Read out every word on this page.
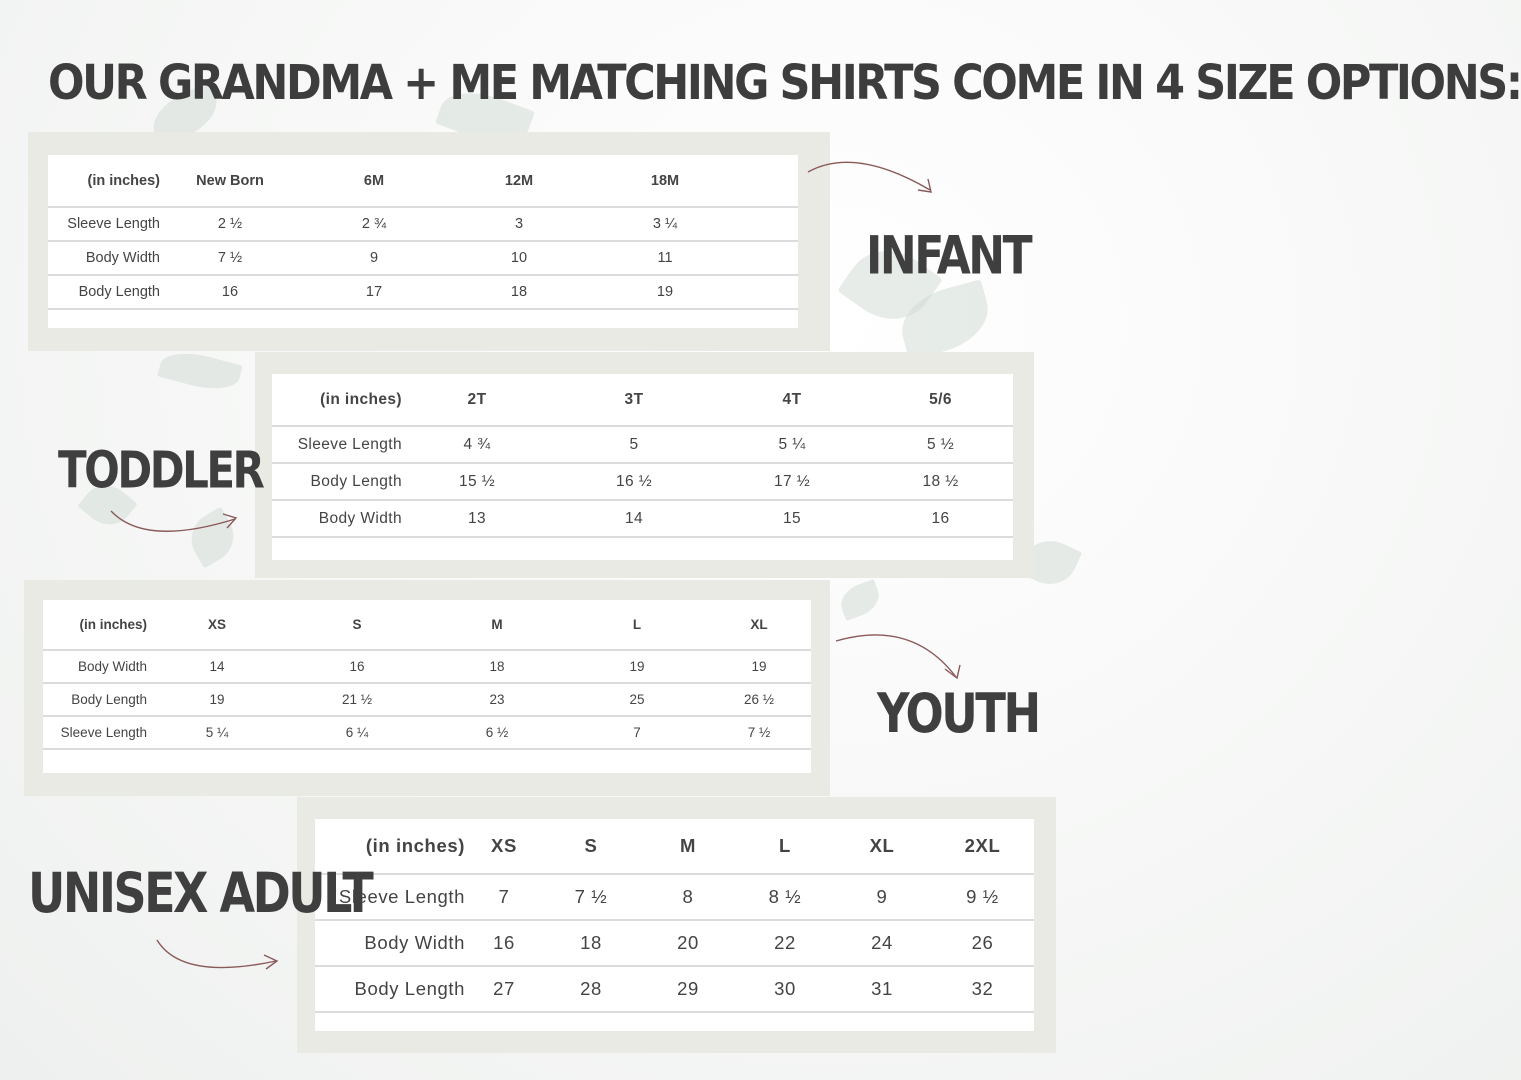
OUR GRANDMA + ME MATCHING SHIRTS COME IN 4 SIZE OPTIONS:
(in inches)	New Born	6M	12M	18M	
Sleeve Length	2 ½	2 ¾	3	3 ¼	
Body Width	7 ½	9	10	11	
Body Length	16	17	18	19	
INFANT
(in inches)	2T	3T	4T	5/6
Sleeve Length	4 ¾	5	5 ¼	5 ½
Body Length	15 ½	16 ½	17 ½	18 ½
Body Width	13	14	15	16
TODDLER
(in inches)	XS	S	M	L	XL
Body Width	14	16	18	19	19
Body Length	19	21 ½	23	25	26 ½
Sleeve Length	5 ¼	6 ¼	6 ½	7	7 ½ YOUTH
(in inches)	XS	S	M	L	XL	2XL
Sleeve Length	7	7 ½	8	8 ½	9	9 ½
Body Width	16	18	20	22	24	26
Body Length	27	28	29	30	31	32
UNISEX ADULT
